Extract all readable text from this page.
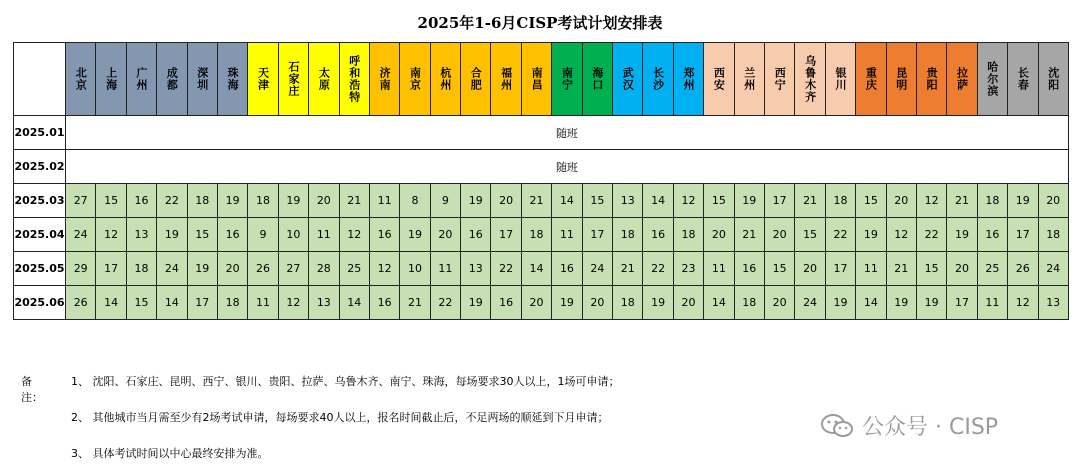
2025年1-6月CISP考试计划安排表
	北京	上海	广州	成都	深圳	珠海	天津	石家庄	太原	呼和浩特	济南	南京	杭州	合肥	福州	南昌	南宁	海口	武汉	长沙	郑州	西安	兰州	西宁	乌鲁木齐	银川	重庆	昆明	贵阳	拉萨	哈尔滨	长春	沈阳
2025.01	随班																																
2025.02	随班																																
2025.03	27	15	16	22	18	19	18	19	20	21	11	8	9	19	20	21	14	15	13	14	12	15	19	17	21	18	15	20	12	21	18	19	20
2025.04	24	12	13	19	15	16	9	10	11	12	16	19	20	16	17	18	11	17	18	16	18	20	21	20	15	22	19	12	22	19	16	17	18
2025.05	29	17	18	24	19	20	26	27	28	25	12	10	11	13	22	14	16	24	21	22	23	11	16	15	20	17	11	21	15	20	25	26	24
2025.06	26	14	15	14	17	18	11	12	13	14	16	21	22	19	16	20	19	20	18	19	20	14	18	20	24	19	14	19	19	17	11	12	13
备注：
1、 沈阳、石家庄、昆明、西宁、银川、贵阳、拉萨、乌鲁木齐、南宁、珠海，每场要求30人以上，1场可申请；
2、 其他城市当月需至少有2场考试申请，每场要求40人以上，报名时间截止后，不足两场的顺延到下月申请；
3、 具体考试时间以中心最终安排为准。
公众号 · CISP
